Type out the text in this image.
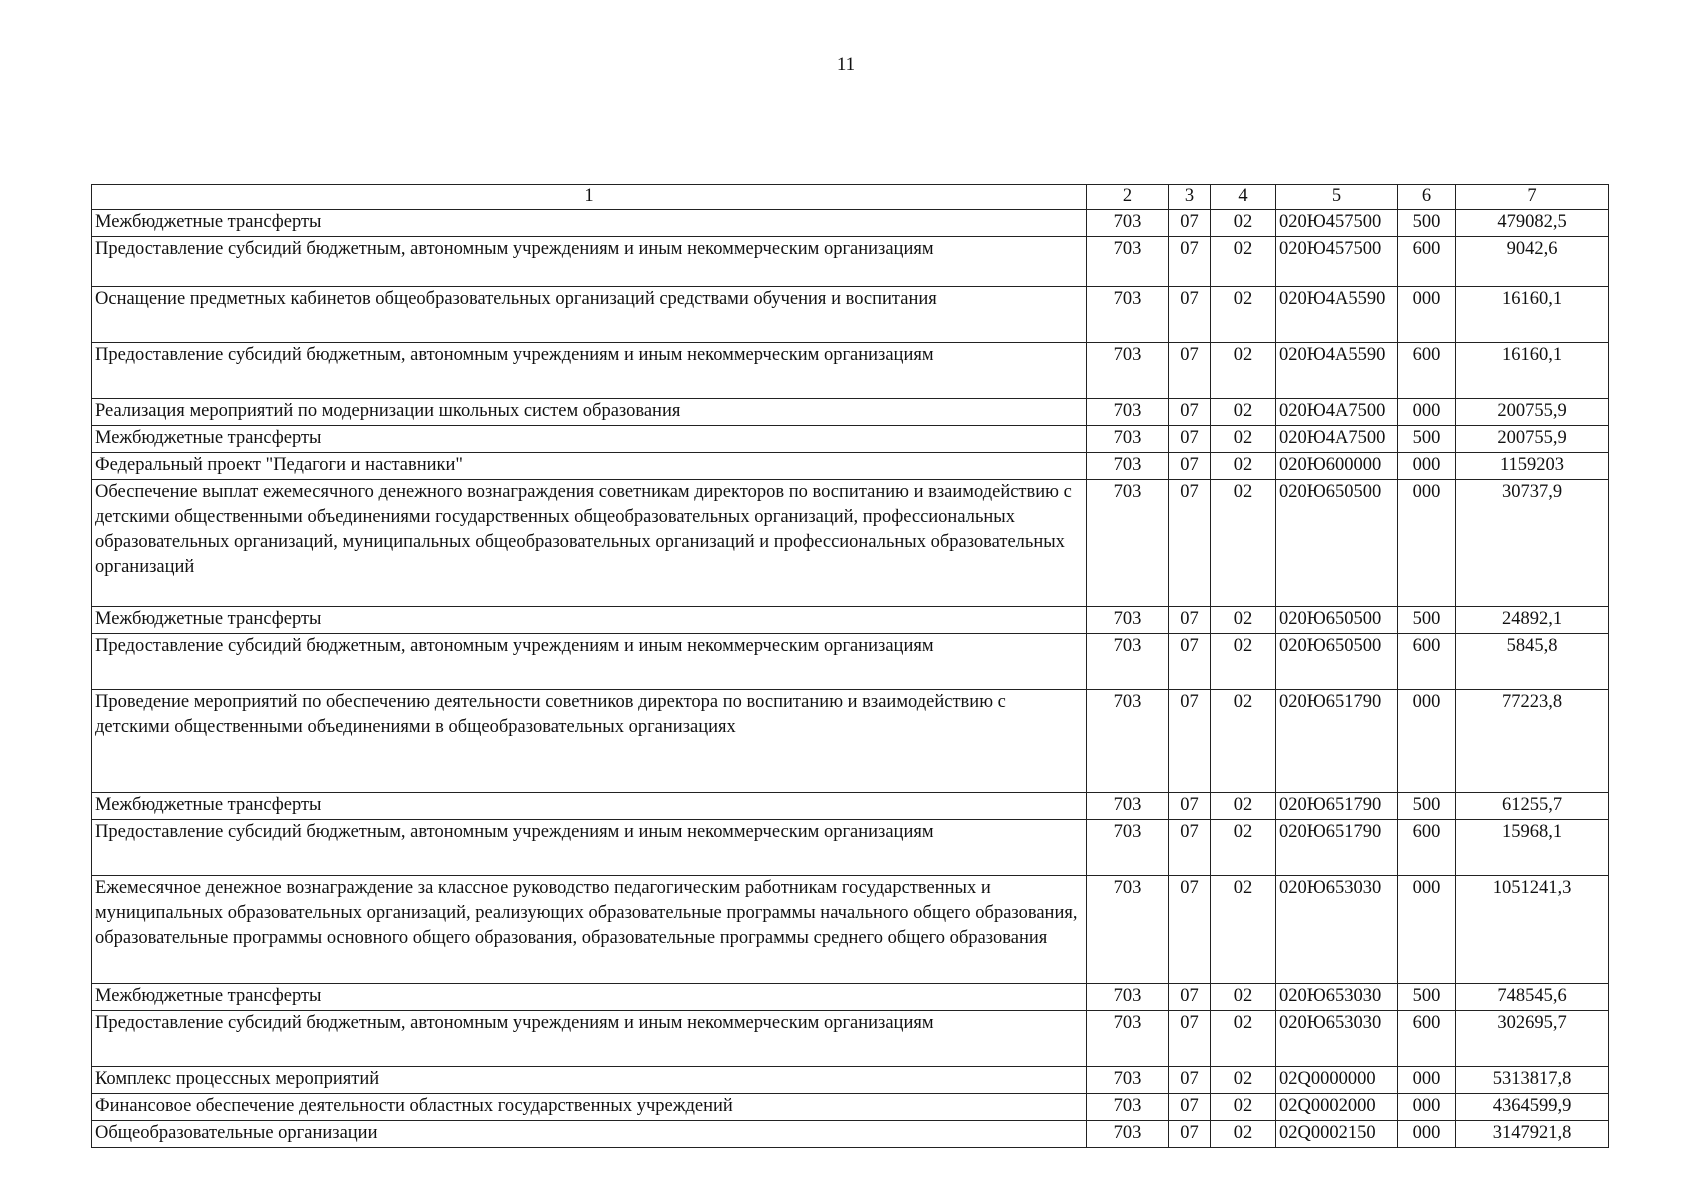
11
1	2	3	4	5	6	7
Межбюджетные трансферты	703	07	02	020Ю457500	500	479082,5
Предоставление субсидий бюджетным, автономным учреждениям и иным некоммерческим организациям	703	07	02	020Ю457500	600	9042,6
Оснащение предметных кабинетов общеобразовательных организаций средствами обучения и воспитания	703	07	02	020Ю4А5590	000	16160,1
Предоставление субсидий бюджетным, автономным учреждениям и иным некоммерческим организациям	703	07	02	020Ю4А5590	600	16160,1
Реализация мероприятий по модернизации школьных систем образования	703	07	02	020Ю4А7500	000	200755,9
Межбюджетные трансферты	703	07	02	020Ю4А7500	500	200755,9
Федеральный проект "Педагоги и наставники"	703	07	02	020Ю600000	000	1159203
Обеспечение выплат ежемесячного денежного вознаграждения советникам директоров по воспитанию и взаимодействию с детскими общественными объединениями государственных общеобразовательных организаций, профессиональных образовательных организаций, муниципальных общеобразовательных организаций и профессиональных образовательных организаций	703	07	02	020Ю650500	000	30737,9
Межбюджетные трансферты	703	07	02	020Ю650500	500	24892,1
Предоставление субсидий бюджетным, автономным учреждениям и иным некоммерческим организациям	703	07	02	020Ю650500	600	5845,8
Проведение мероприятий по обеспечению деятельности советников директора по воспитанию и взаимодействию с детскими общественными объединениями в общеобразовательных организациях	703	07	02	020Ю651790	000	77223,8
Межбюджетные трансферты	703	07	02	020Ю651790	500	61255,7
Предоставление субсидий бюджетным, автономным учреждениям и иным некоммерческим организациям	703	07	02	020Ю651790	600	15968,1
Ежемесячное денежное вознаграждение за классное руководство педагогическим работникам государственных и муниципальных образовательных организаций, реализующих образовательные программы начального общего образования, образовательные программы основного общего образования, образовательные программы среднего общего образования	703	07	02	020Ю653030	000	1051241,3
Межбюджетные трансферты	703	07	02	020Ю653030	500	748545,6
Предоставление субсидий бюджетным, автономным учреждениям и иным некоммерческим организациям	703	07	02	020Ю653030	600	302695,7
Комплекс процессных мероприятий	703	07	02	02Q0000000	000	5313817,8
Финансовое обеспечение деятельности областных государственных учреждений	703	07	02	02Q0002000	000	4364599,9
Общеобразовательные организации	703	07	02	02Q0002150	000	3147921,8
